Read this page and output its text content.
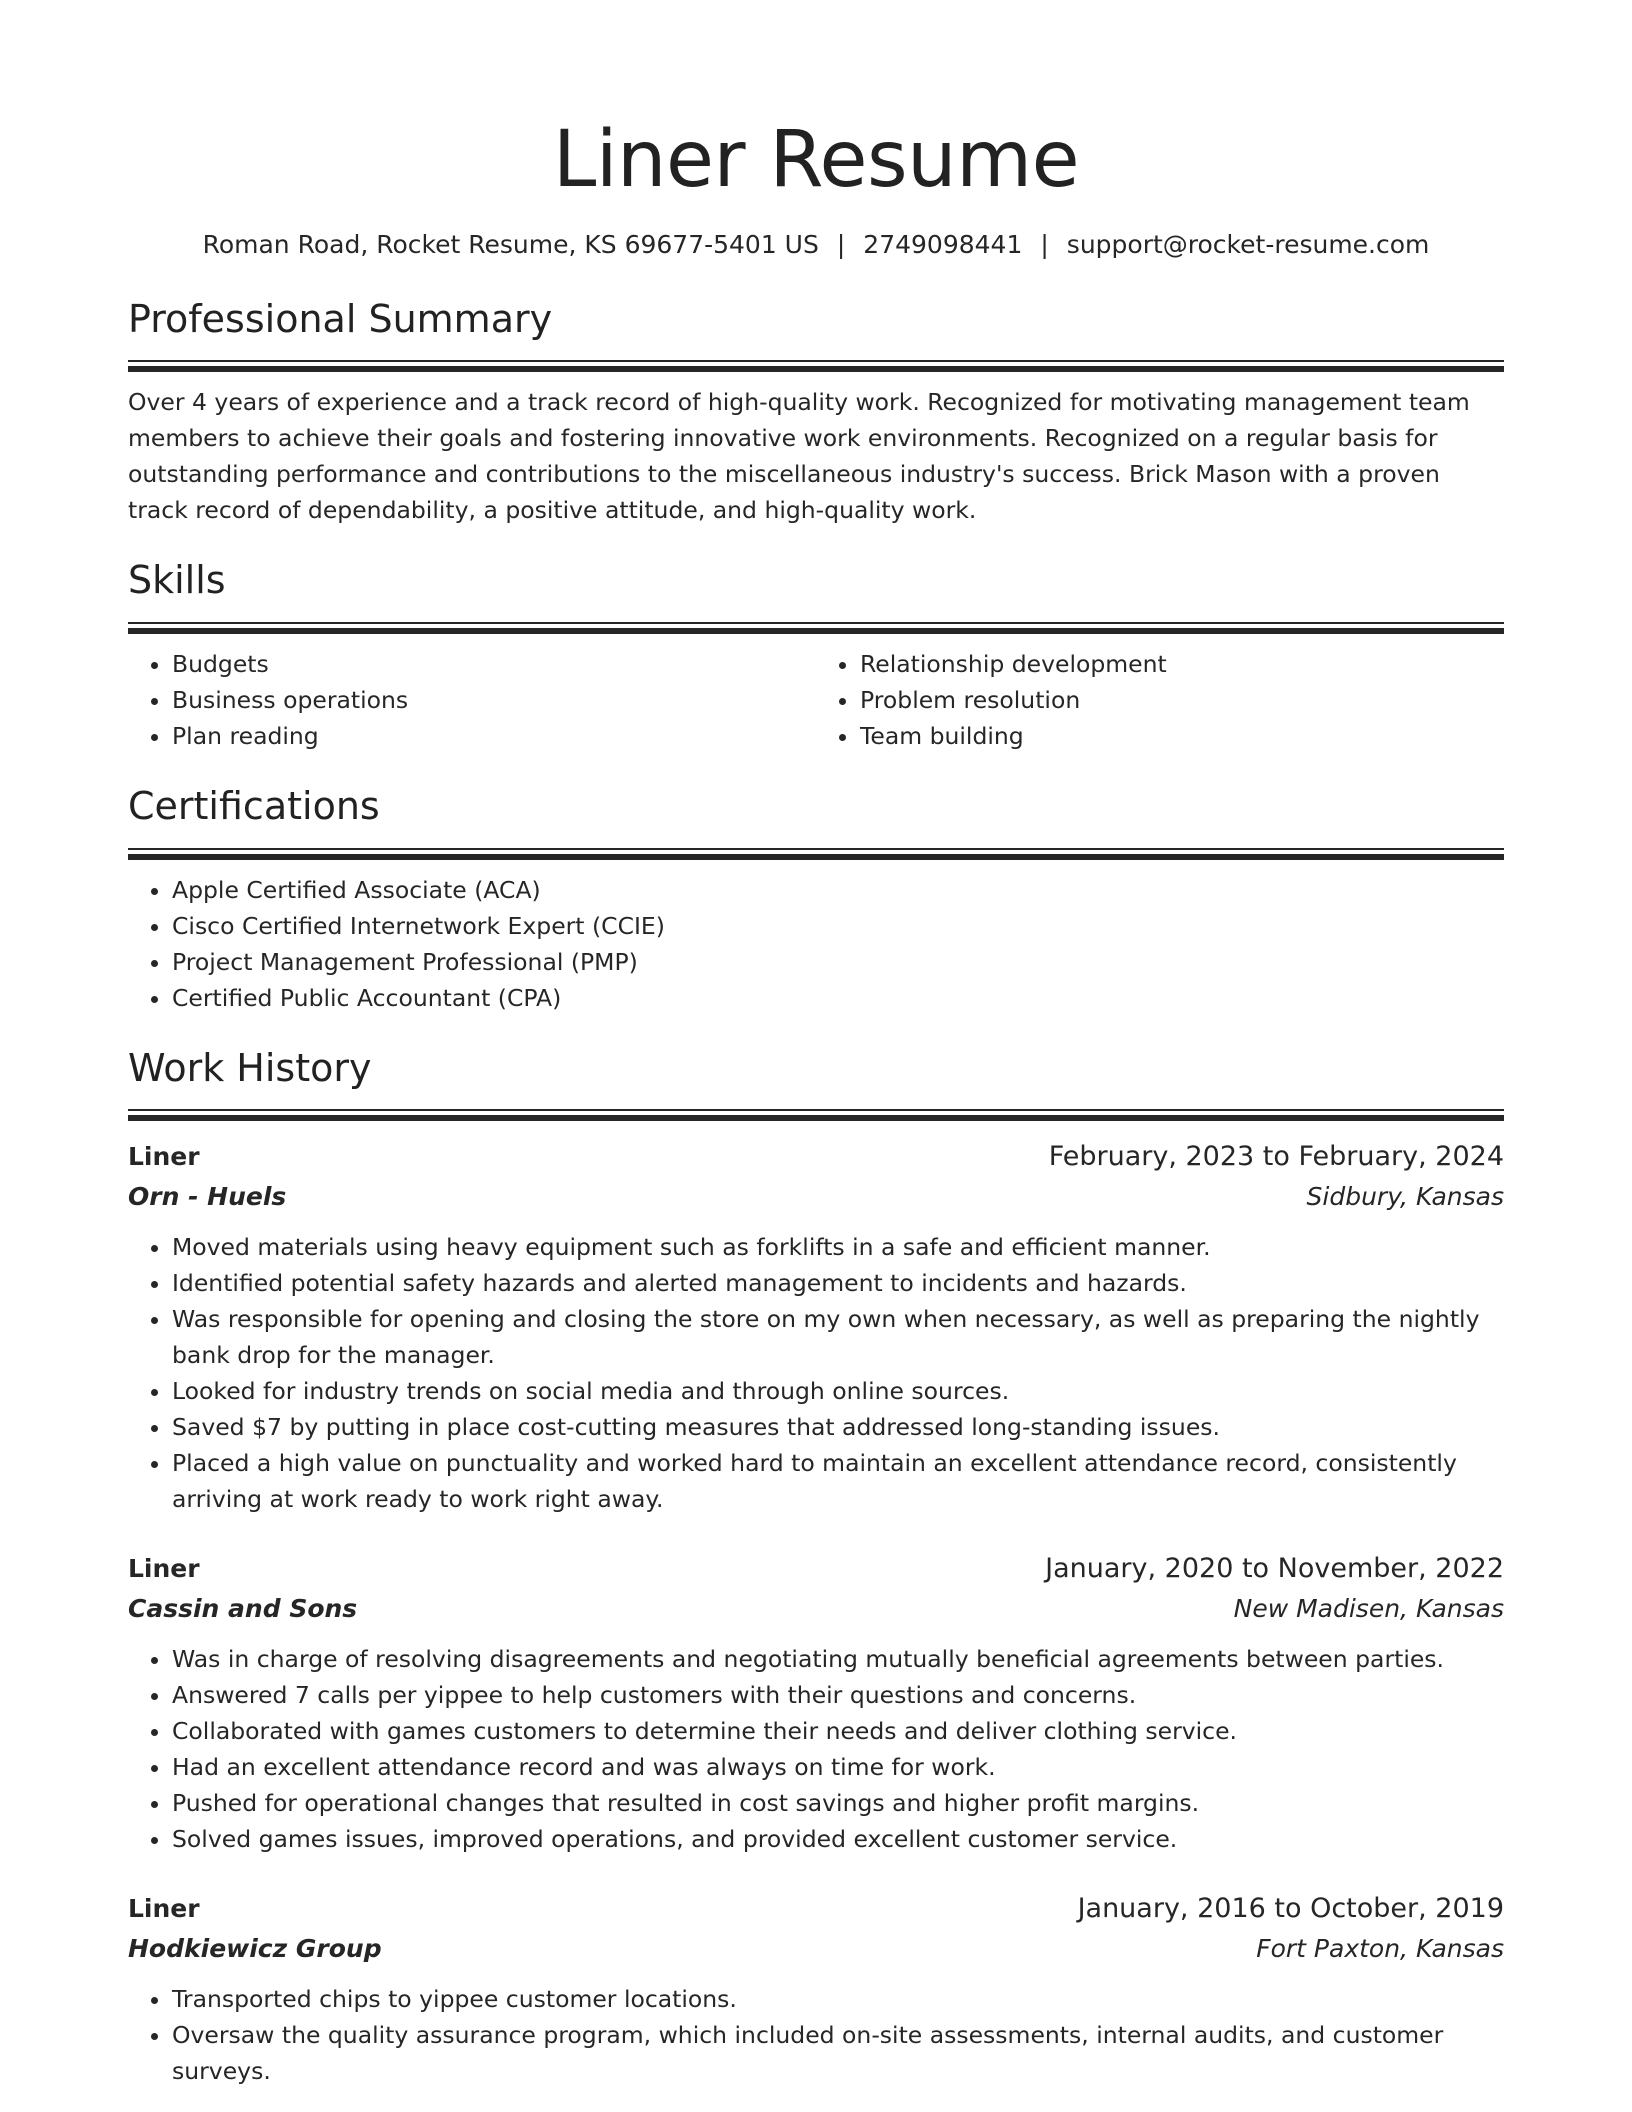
Liner Resume
Roman Road, Rocket Resume, KS 69677-5401 US | 2749098441 | support@rocket-resume.com
Professional Summary

Over 4 years of experience and a track record of high-quality work. Recognized for motivating management team members to achieve their goals and fostering innovative work environments. Recognized on a regular basis for outstanding performance and contributions to the miscellaneous industry's success. Brick Mason with a proven track record of dependability, a positive attitude, and high-quality work.

Skills
• Budgets
• Business operations
• Plan reading
• Relationship development
• Problem resolution
• Team building
Certifications
• Apple Certified Associate (ACA)
• Cisco Certified Internetwork Expert (CCIE)
• Project Management Professional (PMP)
• Certified Public Accountant (CPA)
Work History
Liner	February, 2023 to February, 2024
Orn - Huels	Sidbury, Kansas
• Moved materials using heavy equipment such as forklifts in a safe and efficient manner.
• Identified potential safety hazards and alerted management to incidents and hazards.
• Was responsible for opening and closing the store on my own when necessary, as well as preparing the nightly bank drop for the manager.
• Looked for industry trends on social media and through online sources.
• Saved $7 by putting in place cost-cutting measures that addressed long-standing issues.
• Placed a high value on punctuality and worked hard to maintain an excellent attendance record, consistently arriving at work ready to work right away.
Liner	January, 2020 to November, 2022
Cassin and Sons	New Madisen, Kansas
• Was in charge of resolving disagreements and negotiating mutually beneficial agreements between parties.
• Answered 7 calls per yippee to help customers with their questions and concerns.
• Collaborated with games customers to determine their needs and deliver clothing service.
• Had an excellent attendance record and was always on time for work.
• Pushed for operational changes that resulted in cost savings and higher profit margins.
• Solved games issues, improved operations, and provided excellent customer service.
Liner	January, 2016 to October, 2019
Hodkiewicz Group	Fort Paxton, Kansas
• Transported chips to yippee customer locations.
• Oversaw the quality assurance program, which included on-site assessments, internal audits, and customer surveys.
